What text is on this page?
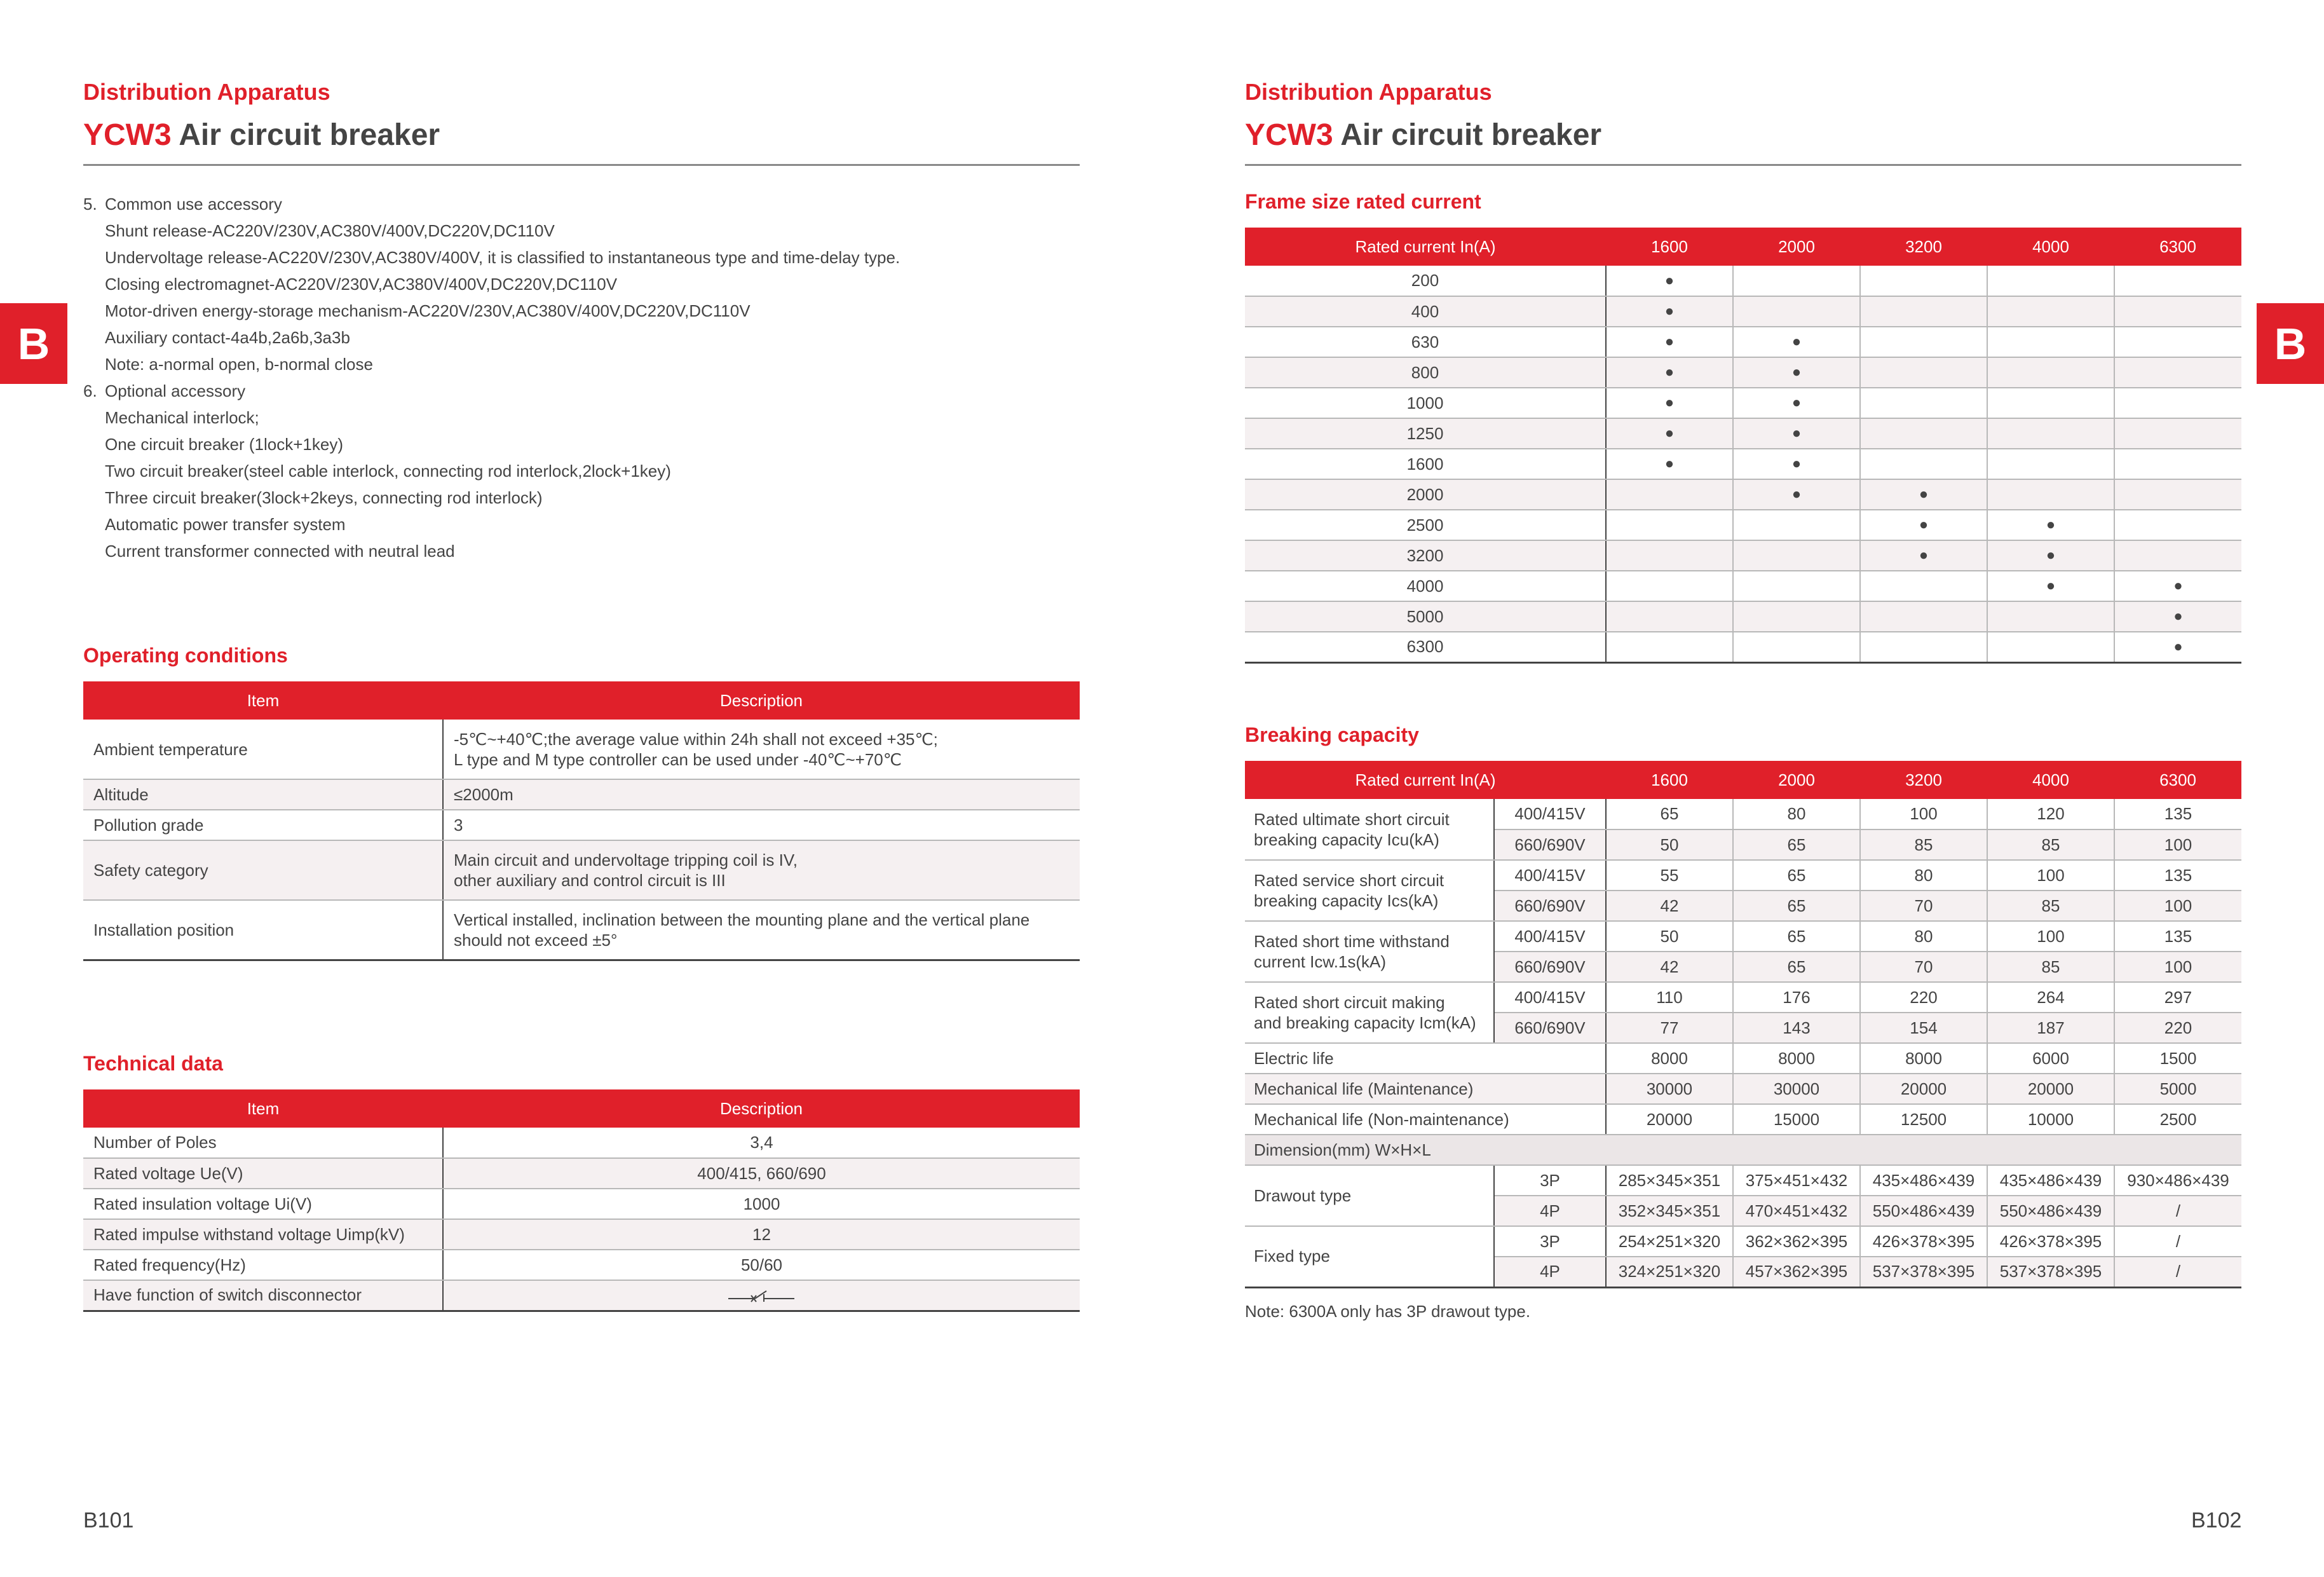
Distribution Apparatus
YCW3 Air circuit breaker
B
5. Common use accessory
Shunt release-AC220V/230V,AC380V/400V,DC220V,DC110V
Undervoltage release-AC220V/230V,AC380V/400V, it is classified to instantaneous type and time-delay type.
Closing electromagnet-AC220V/230V,AC380V/400V,DC220V,DC110V
Motor-driven energy-storage mechanism-AC220V/230V,AC380V/400V,DC220V,DC110V
Auxiliary contact-4a4b,2a6b,3a3b
Note: a-normal open, b-normal close
6. Optional accessory
Mechanical interlock;
One circuit breaker (1lock+1key)
Two circuit breaker(steel cable interlock, connecting rod interlock,2lock+1key)
Three circuit breaker(3lock+2keys, connecting rod interlock)
Automatic power transfer system
Current transformer connected with neutral lead
Operating conditions
Item	Description
Ambient temperature	-5℃~+40℃;the average value within 24h shall not exceed +35℃;
L type and M type controller can be used under -40℃~+70℃

Altitude	≤2000m
Pollution grade	3
Safety category	Main circuit and undervoltage tripping coil is IV,
other auxiliary and control circuit is III

Installation position	Vertical installed, inclination between the mounting plane and the vertical plane
should not exceed ±5°
Technical data
Item	Description
Number of Poles	3,4
Rated voltage Ue(V)	400/415, 660/690
Rated insulation voltage Ui(V)	1000
Rated impulse withstand voltage Uimp(kV)	12
Rated frequency(Hz)	50/60
Have function of switch disconnector	
B101
Distribution Apparatus
YCW3 Air circuit breaker
B
Frame size rated current
Rated current In(A)	1600	2000	3200	4000	6300
200	●				
400	●				
630	●	●			
800	●	●			
1000	●	●			
1250	●	●			
1600	●	●			
2000		●	●		
2500			●	●	
3200			●	●	
4000				●	●
5000					●
6300					●
Breaking capacity
Rated current In(A)		1600	2000	3200	4000	6300

Rated ultimate short circuit
breaking capacity Icu(kA)	400/415V	65	80	100	120	135
	660/690V	50	65	85	85	100

Rated service short circuit
breaking capacity Ics(kA)	400/415V	55	65	80	100	135
	660/690V	42	65	70	85	100

Rated short time withstand
current Icw.1s(kA)	400/415V	50	65	80	100	135
	660/690V	42	65	70	85	100

Rated short circuit making
and breaking capacity Icm(kA)	400/415V	110	176	220	264	297
	660/690V	77	143	154	187	220
Electric life		8000	8000	8000	6000	1500
Mechanical life (Maintenance)		30000	30000	20000	20000	5000
Mechanical life (Non-maintenance)		20000	15000	12500	10000	2500
Dimension(mm) W×H×L						
Drawout type	3P	285×345×351	375×451×432	435×486×439	435×486×439	930×486×439
	4P	352×345×351	470×451×432	550×486×439	550×486×439	/
Fixed type	3P	254×251×320	362×362×395	426×378×395	426×378×395	/
	4P	324×251×320	457×362×395	537×378×395	537×378×395	/
Note: 6300A only has 3P drawout type.
B102
